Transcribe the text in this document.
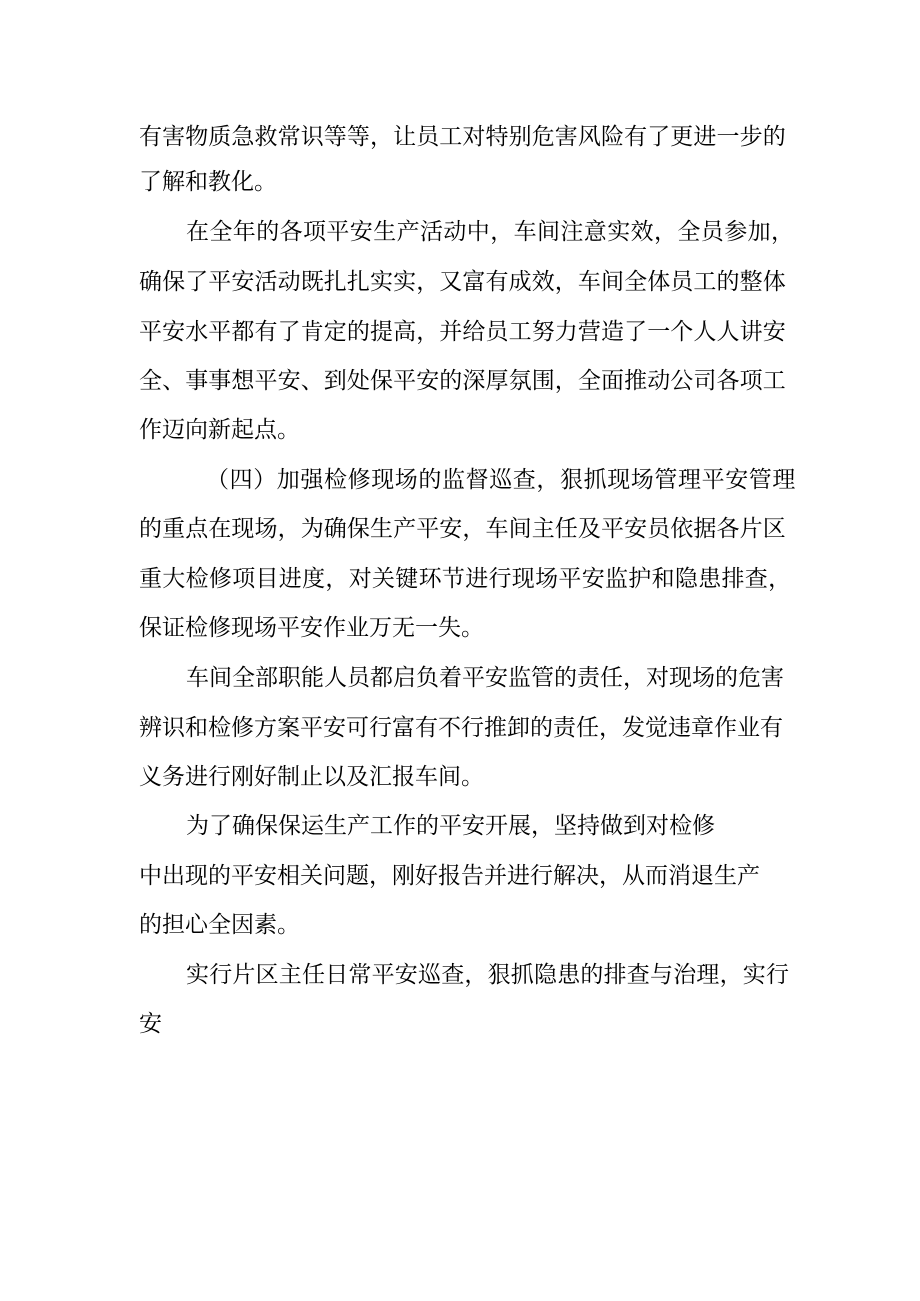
有害物质急救常识等等，让员工对特别危害风险有了更进一步的
了解和教化。
在全年的各项平安生产活动中，车间注意实效，全员参加，
确保了平安活动既扎扎实实，又富有成效，车间全体员工的整体
平安水平都有了肯定的提高，并给员工努力营造了一个人人讲安
全、事事想平安、到处保平安的深厚氛围，全面推动公司各项工
作迈向新起点。
（四）加强检修现场的监督巡查，狠抓现场管理平安管理
的重点在现场，为确保生产平安，车间主任及平安员依据各片区
重大检修项目进度，对关键环节进行现场平安监护和隐患排查，
保证检修现场平安作业万无一失。
车间全部职能人员都启负着平安监管的责任，对现场的危害
辨识和检修方案平安可行富有不行推卸的责任，发觉违章作业有
义务进行刚好制止以及汇报车间。
为了确保保运生产工作的平安开展，坚持做到对检修
中出现的平安相关问题，刚好报告并进行解决，从而消退生产
的担心全因素。
实行片区主任日常平安巡查，狠抓隐患的排查与治理，实行
安
